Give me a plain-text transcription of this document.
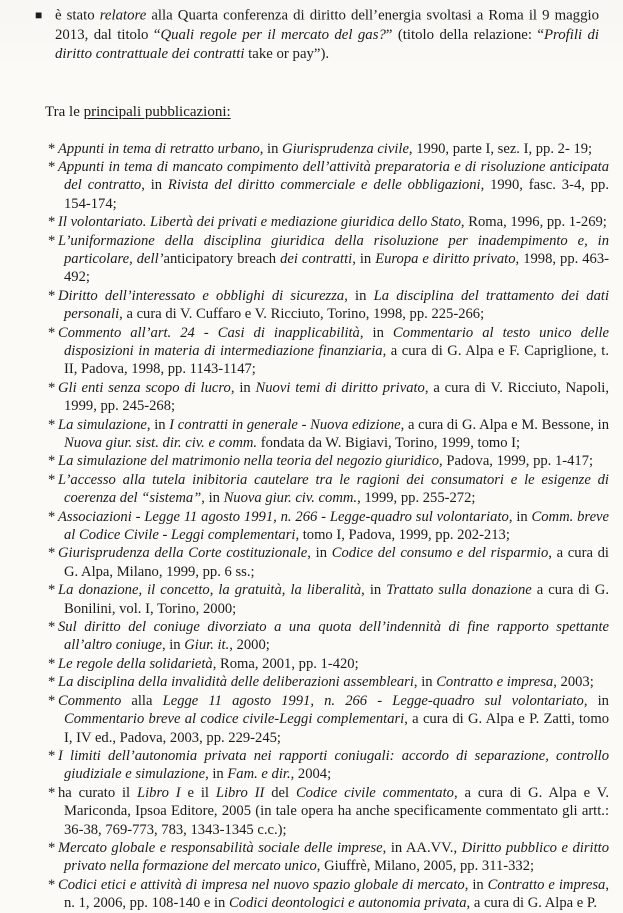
■ è stato relatore alla Quarta conferenza di diritto dell’energia svoltasi a Roma il 9 maggio 2013, dal titolo “Quali regole per il mercato del gas?” (titolo della relazione: “Profili di diritto contrattuale dei contratti take or pay”).

Tra le principali pubblicazioni:

* Appunti in tema di retratto urbano, in Giurisprudenza civile, 1990, parte I, sez. I, pp. 2- 19;
* Appunti in tema di mancato compimento dell’attività preparatoria e di risoluzione anticipata del contratto, in Rivista del diritto commerciale e delle obbligazioni, 1990, fasc. 3-4, pp. 154-174;
* Il volontariato. Libertà dei privati e mediazione giuridica dello Stato, Roma, 1996, pp. 1-269;
* L’uniformazione della disciplina giuridica della risoluzione per inadempimento e, in particolare, dell’anticipatory breach dei contratti, in Europa e diritto privato, 1998, pp. 463-492;
* Diritto dell’interessato e obblighi di sicurezza, in La disciplina del trattamento dei dati personali, a cura di V. Cuffaro e V. Ricciuto, Torino, 1998, pp. 225-266;
* Commento all’art. 24 - Casi di inapplicabilità, in Commentario al testo unico delle disposizioni in materia di intermediazione finanziaria, a cura di G. Alpa e F. Capriglione, t. II, Padova, 1998, pp. 1143-1147;
* Gli enti senza scopo di lucro, in Nuovi temi di diritto privato, a cura di V. Ricciuto, Napoli, 1999, pp. 245-268;
* La simulazione, in I contratti in generale - Nuova edizione, a cura di G. Alpa e M. Bessone, in Nuova giur. sist. dir. civ. e comm. fondata da W. Bigiavi, Torino, 1999, tomo I;
* La simulazione del matrimonio nella teoria del negozio giuridico, Padova, 1999, pp. 1-417;
* L’accesso alla tutela inibitoria cautelare tra le ragioni dei consumatori e le esigenze di coerenza del “sistema”, in Nuova giur. civ. comm., 1999, pp. 255-272;
* Associazioni - Legge 11 agosto 1991, n. 266 - Legge-quadro sul volontariato, in Comm. breve al Codice Civile - Leggi complementari, tomo I, Padova, 1999, pp. 202-213;
* Giurisprudenza della Corte costituzionale, in Codice del consumo e del risparmio, a cura di G. Alpa, Milano, 1999, pp. 6 ss.;
* La donazione, il concetto, la gratuità, la liberalità, in Trattato sulla donazione a cura di G. Bonilini, vol. I, Torino, 2000;
* Sul diritto del coniuge divorziato a una quota dell’indennità di fine rapporto spettante all’altro coniuge, in Giur. it., 2000;
* Le regole della solidarietà, Roma, 2001, pp. 1-420;
* La disciplina della invalidità delle deliberazioni assembleari, in Contratto e impresa, 2003;
* Commento alla Legge 11 agosto 1991, n. 266 - Legge-quadro sul volontariato, in Commentario breve al codice civile-Leggi complementari, a cura di G. Alpa e P. Zatti, tomo I, IV ed., Padova, 2003, pp. 229-245;
* I limiti dell’autonomia privata nei rapporti coniugali: accordo di separazione, controllo giudiziale e simulazione, in Fam. e dir., 2004;
* ha curato il Libro I e il Libro II del Codice civile commentato, a cura di G. Alpa e V. Mariconda, Ipsoa Editore, 2005 (in tale opera ha anche specificamente commentato gli artt.: 36-38, 769-773, 783, 1343-1345 c.c.);
* Mercato globale e responsabilità sociale delle imprese, in AA.VV., Diritto pubblico e diritto privato nella formazione del mercato unico, Giuffrè, Milano, 2005, pp. 311-332;
* Codici etici e attività di impresa nel nuovo spazio globale di mercato, in Contratto e impresa, n. 1, 2006, pp. 108-140 e in Codici deontologici e autonomia privata, a cura di G. Alpa e P.
